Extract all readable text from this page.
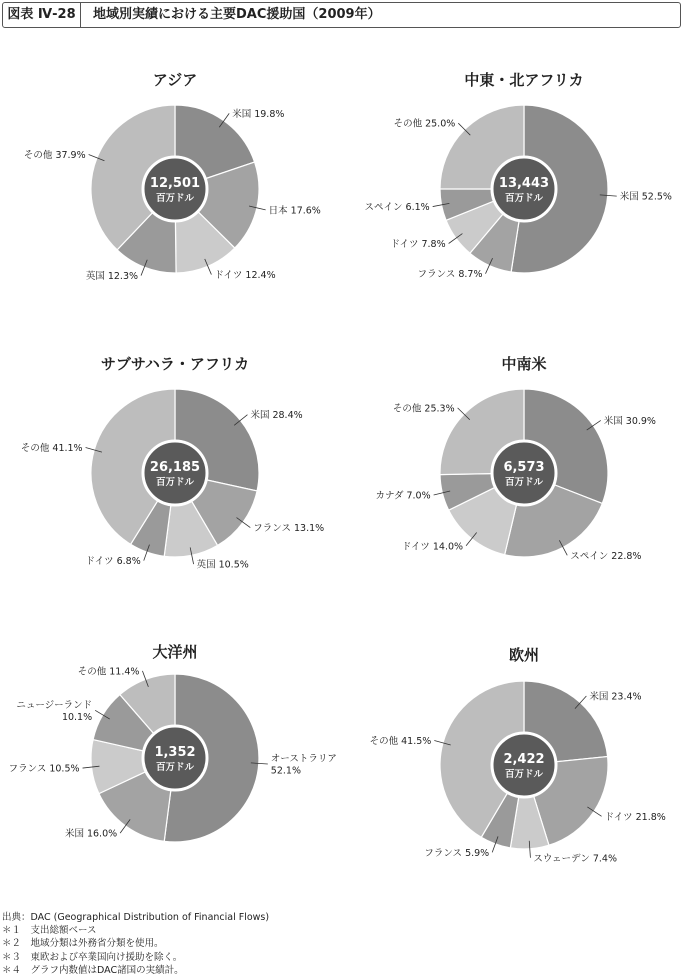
図表 Ⅳ-28	地域別実績における主要DAC援助国（2009年）
アジア
米国 19.8%
日本 17.6%
ドイツ 12.4%
英国 12.3%
その他 37.9%
12,501
百万ドル
中東・北アフリカ
米国 52.5%
フランス 8.7%
ドイツ 7.8%
スペイン 6.1%
その他 25.0%
13,443
百万ドル
サブサハラ・アフリカ
米国 28.4%
フランス 13.1%
英国 10.5%
ドイツ 6.8%
その他 41.1%
26,185
百万ドル
中南米
米国 30.9%
スペイン 22.8%
ドイツ 14.0%
カナダ 7.0%
その他 25.3%
6,573
百万ドル
大洋州
オーストラリア 52.1%
米国 16.0%
フランス 10.5%
ニュージーランド 10.1%
その他 11.4%
1,352
百万ドル
欧州
米国 23.4%
ドイツ 21.8%
スウェーデン 7.4%
フランス 5.9%
その他 41.5%
2,422
百万ドル
出典：DAC (Geographical Distribution of Financial Flows)
＊１　支出総額ベース
＊２　地域分類は外務省分類を使用。
＊３　東欧および卒業国向け援助を除く。
＊４　グラフ内数値はDAC諸国の実績計。
